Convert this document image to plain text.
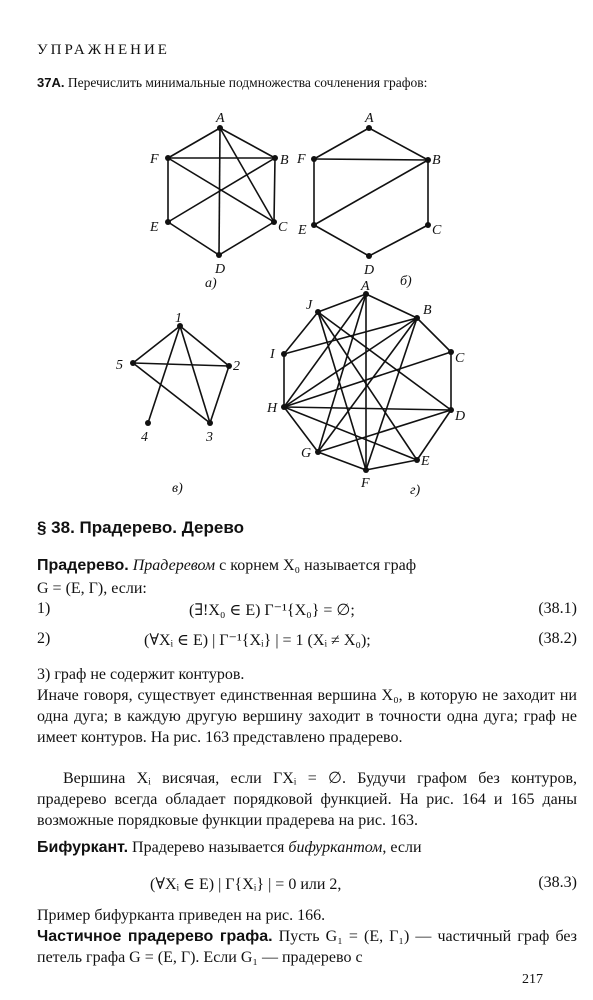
УПРАЖНЕНИЕ
37А. Перечислить минимальные подмножества сочленения графов:
A
B
C
D
E
F
а)
A
B
C
D
E
F
б)
1
2
3
4
5
в)
A
B
C
D
E
F
G
H
I
J
г)
§ 38. Прадерево. Дерево
Прадерево. Прадеревом с корнем X₀ называется граф
G = (E, Γ), если:
1)	(∃!X₀ ∈ E) Γ⁻¹{X₀} = ∅;	(38.1)
2)	(∀Xᵢ ∈ E) | Γ⁻¹{Xᵢ} | = 1 (Xᵢ ≠ X₀);	(38.2)
3) граф не содержит контуров.
Иначе говоря, существует единственная вершина X₀, в которую не заходит ни одна дуга; в каждую другую вершину заходит в точности одна дуга; граф не имеет контуров. На рис. 163 представлено прадерево.
Вершина Xᵢ висячая, если ΓXᵢ = ∅. Будучи графом без контуров, прадерево всегда обладает порядковой функцией. На рис. 164 и 165 даны возможные порядковые функции прадерева на рис. 163.
Бифуркант. Прадерево называется бифуркантом, если
(∀Xᵢ ∈ E) | Γ{Xᵢ} | = 0 или 2,	(38.3)
Пример бифурканта приведен на рис. 166.
Частичное прадерево графа. Пусть G₁ = (E, Γ₁) — частичный граф без петель графа G = (E, Γ). Если G₁ — прадерево с
217
